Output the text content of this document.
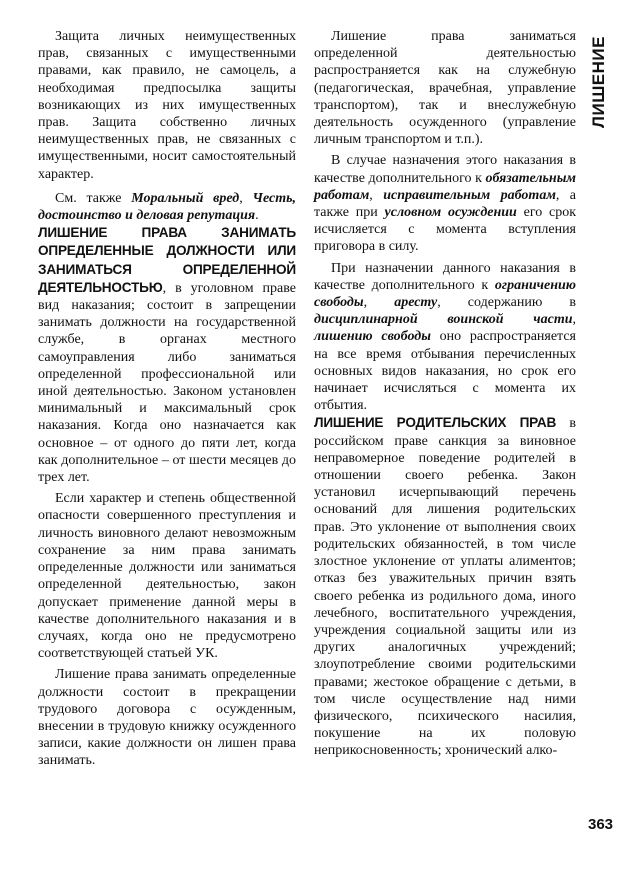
ЛИШЕНИЕ

Защита личных неимущественных прав, связанных с имущественными правами, как правило, не самоцель, а необходимая предпосылка защиты возникающих из них имущественных прав. Защита собственно личных неимущественных прав, не связанных с имущественными, носит самостоятельный характер.

См. также Моральный вред, Честь, достоинство и деловая репутация.

ЛИШЕНИЕ ПРАВА ЗАНИМАТЬ ОПРЕДЕЛЕННЫЕ ДОЛЖНОСТИ ИЛИ ЗАНИМАТЬСЯ ОПРЕДЕЛЕННОЙ ДЕЯТЕЛЬНОСТЬЮ, в уголовном праве вид наказания; состоит в запрещении занимать должности на государственной службе, в органах местного самоуправления либо заниматься определенной профессиональной или иной деятельностью. Законом установлен минимальный и максимальный срок наказания. Когда оно назначается как основное – от одного до пяти лет, когда как дополнительное – от шести месяцев до трех лет.

Если характер и степень общественной опасности совершенного преступления и личность виновного делают невозможным сохранение за ним права занимать определенные должности или заниматься определенной деятельностью, закон допускает применение данной меры в качестве дополнительного наказания и в случаях, когда оно не предусмотрено соответствующей статьей УК.

Лишение права занимать определенные должности состоит в прекращении трудового договора с осужденным, внесении в трудовую книжку осужденного записи, какие должности он лишен права занимать.

Лишение права заниматься определенной деятельностью распространяется как на служебную (педагогическая, врачебная, управление транспортом), так и внеслужебную деятельность осужденного (управление личным транспортом и т.п.).

В случае назначения этого наказания в качестве дополнительного к обязательным работам, исправительным работам, а также при условном осуждении его срок исчисляется с момента вступления приговора в силу.

При назначении данного наказания в качестве дополнительного к ограничению свободы, аресту, содержанию в дисциплинарной воинской части, лишению свободы оно распространяется на все время отбывания перечисленных основных видов наказания, но срок его начинает исчисляться с момента их отбытия.

ЛИШЕНИЕ РОДИТЕЛЬСКИХ ПРАВ в российском праве санкция за виновное неправомерное поведение родителей в отношении своего ребенка. Закон установил исчерпывающий перечень оснований для лишения родительских прав. Это уклонение от выполнения своих родительских обязанностей, в том числе злостное уклонение от уплаты алиментов; отказ без уважительных причин взять своего ребенка из родильного дома, иного лечебного, воспитательного учреждения, учреждения социальной защиты или из других аналогичных учреждений; злоупотребление своими родительскими правами; жестокое обращение с детьми, в том числе осуществление над ними физического, психического насилия, покушение на их половую неприкосновенность; хронический алко-

363
